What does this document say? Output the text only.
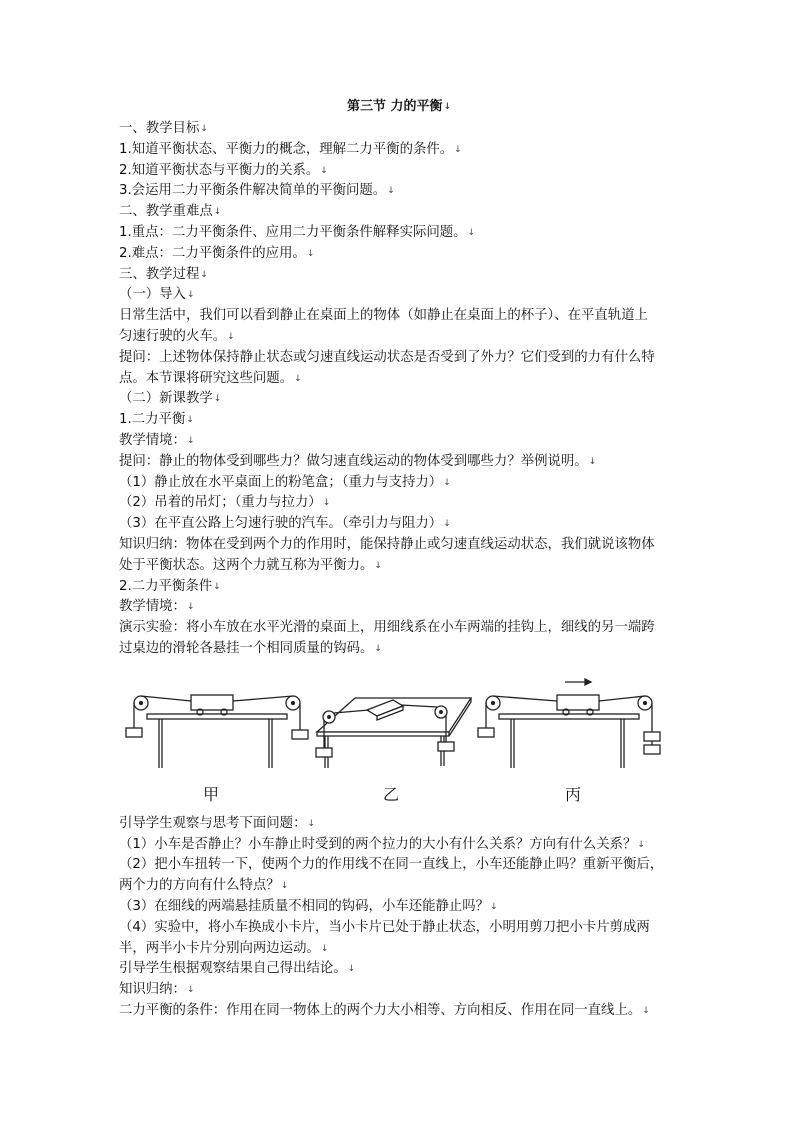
第三节 力的平衡 ↓
一、教学目标 ↓
1.知道平衡状态、平衡力的概念，理解二力平衡的条件。 ↓
2.知道平衡状态与平衡力的关系。 ↓
3.会运用二力平衡条件解决简单的平衡问题。 ↓
二、教学重难点 ↓
1.重点：二力平衡条件、应用二力平衡条件解释实际问题。 ↓
2.难点：二力平衡条件的应用。 ↓
三、教学过程 ↓
（一）导入 ↓
日常生活中，我们可以看到静止在桌面上的物体（如静止在桌面上的杯子）、在平直轨道上
匀速行驶的火车。 ↓
提问：上述物体保持静止状态或匀速直线运动状态是否受到了外力？它们受到的力有什么特
点。本节课将研究这些问题。 ↓
（二）新课教学 ↓
1.二力平衡 ↓
教学情境： ↓
提问：静止的物体受到哪些力？做匀速直线运动的物体受到哪些力？举例说明。 ↓
（1）静止放在水平桌面上的粉笔盒；（重力与支持力） ↓
（2）吊着的吊灯；（重力与拉力） ↓
（3）在平直公路上匀速行驶的汽车。（牵引力与阻力） ↓
知识归纳：物体在受到两个力的作用时，能保持静止或匀速直线运动状态，我们就说该物体
处于平衡状态。这两个力就互称为平衡力。 ↓
2.二力平衡条件 ↓
教学情境： ↓
演示实验：将小车放在水平光滑的桌面上，用细线系在小车两端的挂钩上，细线的另一端跨
过桌边的滑轮各悬挂一个相同质量的钩码。 ↓
甲	乙	丙
引导学生观察与思考下面问题： ↓
（1）小车是否静止？小车静止时受到的两个拉力的大小有什么关系？方向有什么关系？ ↓
（2）把小车扭转一下，使两个力的作用线不在同一直线上，小车还能静止吗？重新平衡后，
两个力的方向有什么特点？ ↓
（3）在细线的两端悬挂质量不相同的钩码，小车还能静止吗？ ↓
（4）实验中，将小车换成小卡片，当小卡片已处于静止状态，小明用剪刀把小卡片剪成两
半，两半小卡片分别向两边运动。 ↓
引导学生根据观察结果自己得出结论。 ↓
知识归纳： ↓
二力平衡的条件：作用在同一物体上的两个力大小相等、方向相反、作用在同一直线上。 ↓
